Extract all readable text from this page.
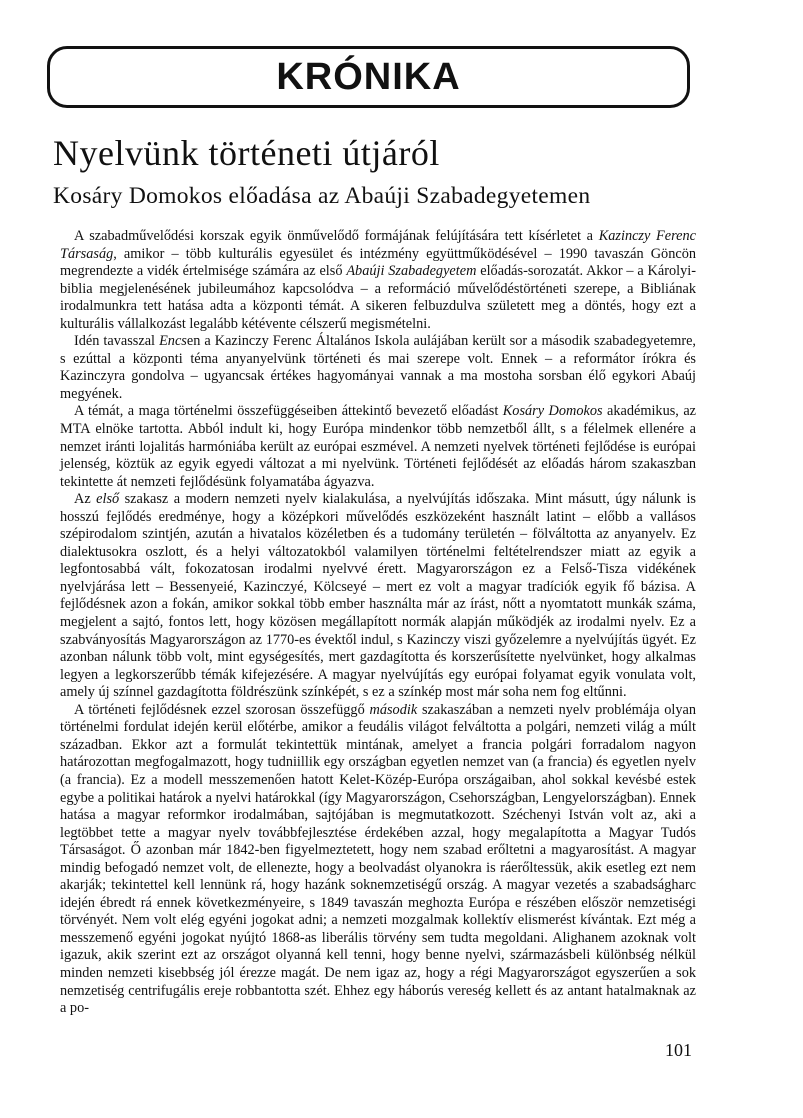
KRÓNIKA
Nyelvünk történeti útjáról
Kosáry Domokos előadása az Abaúji Szabadegyetemen

A szabadművelődési korszak egyik önművelődő formájának felújítására tett kísérletet a Kazinczy Ferenc Társaság, amikor – több kulturális egyesület és intézmény együttműködésével – 1990 tavaszán Göncön megrendezte a vidék értelmisége számára az első Abaúji Szabadegyetem előadás-sorozatát. Akkor – a Károlyi-biblia megjelenésének jubileumához kapcsolódva – a reformáció művelődéstörténeti szerepe, a Bibliának irodalmunkra tett hatása adta a központi témát. A sikeren felbuzdulva született meg a döntés, hogy ezt a kulturális vállalkozást legalább kétévente célszerű megismételni.

Idén tavasszal Encsen a Kazinczy Ferenc Általános Iskola aulájában került sor a második szabadegyetemre, s ezúttal a központi téma anyanyelvünk történeti és mai szerepe volt. Ennek – a reformátor írókra és Kazinczyra gondolva – ugyancsak értékes hagyományai vannak a ma mostoha sorsban élő egykori Abaúj megyének.

A témát, a maga történelmi összefüggéseiben áttekintő bevezető előadást Kosáry Domokos akadémikus, az MTA elnöke tartotta. Abból indult ki, hogy Európa mindenkor több nemzetből állt, s a félelmek ellenére a nemzet iránti lojalitás harmóniába került az európai eszmével. A nemzeti nyelvek történeti fejlődése is európai jelenség, köztük az egyik egyedi változat a mi nyelvünk. Történeti fejlődését az előadás három szakaszban tekintette át nemzeti fejlődésünk folyamatába ágyazva.

Az első szakasz a modern nemzeti nyelv kialakulása, a nyelvújítás időszaka. Mint másutt, úgy nálunk is hosszú fejlődés eredménye, hogy a középkori művelődés eszközeként használt latint – előbb a vallásos szépirodalom szintjén, azután a hivatalos közéletben és a tudomány területén – fölváltotta az anyanyelv. Ez dialektusokra oszlott, és a helyi változatokból valamilyen történelmi feltételrendszer miatt az egyik a legfontosabbá vált, fokozatosan irodalmi nyelvvé érett. Magyarországon ez a Felső-Tisza vidékének nyelvjárása lett – Bessenyeié, Kazinczyé, Kölcseyé – mert ez volt a magyar tradíciók egyik fő bázisa. A fejlődésnek azon a fokán, amikor sokkal több ember használta már az írást, nőtt a nyomtatott munkák száma, megjelent a sajtó, fontos lett, hogy közösen megállapított normák alapján működjék az irodalmi nyelv. Ez a szabványosítás Magyarországon az 1770-es évektől indul, s Kazinczy viszi győzelemre a nyelvújítás ügyét. Ez azonban nálunk több volt, mint egységesítés, mert gazdagította és korszerűsítette nyelvünket, hogy alkalmas legyen a legkorszerűbb témák kifejezésére. A magyar nyelvújítás egy európai folyamat egyik vonulata volt, amely új színnel gazdagította földrészünk színképét, s ez a színkép most már soha nem fog eltűnni.

A történeti fejlődésnek ezzel szorosan összefüggő második szakaszában a nemzeti nyelv problémája olyan történelmi fordulat idején kerül előtérbe, amikor a feudális világot felváltotta a polgári, nemzeti világ a múlt században. Ekkor azt a formulát tekintettük mintának, amelyet a francia polgári forradalom nagyon határozottan megfogalmazott, hogy tudniillik egy országban egyetlen nemzet van (a francia) és egyetlen nyelv (a francia). Ez a modell messzemenően hatott Kelet-Közép-Európa országaiban, ahol sokkal kevésbé estek egybe a politikai határok a nyelvi határokkal (így Magyarországon, Csehországban, Lengyelországban). Ennek hatása a magyar reformkor irodalmában, sajtójában is megmutatkozott. Széchenyi István volt az, aki a legtöbbet tette a magyar nyelv továbbfejlesztése érdekében azzal, hogy megalapította a Magyar Tudós Társaságot. Ő azonban már 1842-ben figyelmeztetett, hogy nem szabad erőltetni a magyarosítást. A magyar mindig befogadó nemzet volt, de ellenezte, hogy a beolvadást olyanokra is ráerőltessük, akik esetleg ezt nem akarják; tekintettel kell lennünk rá, hogy hazánk soknemzetiségű ország. A magyar vezetés a szabadságharc idején ébredt rá ennek következményeire, s 1849 tavaszán meghozta Európa e részében először nemzetiségi törvényét. Nem volt elég egyéni jogokat adni; a nemzeti mozgalmak kollektív elismerést kívántak. Ezt még a messzemenő egyéni jogokat nyújtó 1868-as liberális törvény sem tudta megoldani. Alighanem azoknak volt igazuk, akik szerint ezt az országot olyanná kell tenni, hogy benne nyelvi, származásbeli különbség nélkül minden nemzeti kisebbség jól érezze magát. De nem igaz az, hogy a régi Magyarországot egyszerűen a sok nemzetiség centrifugális ereje robbantotta szét. Ehhez egy háborús vereség kellett és az antant hatalmaknak az a po-

101
